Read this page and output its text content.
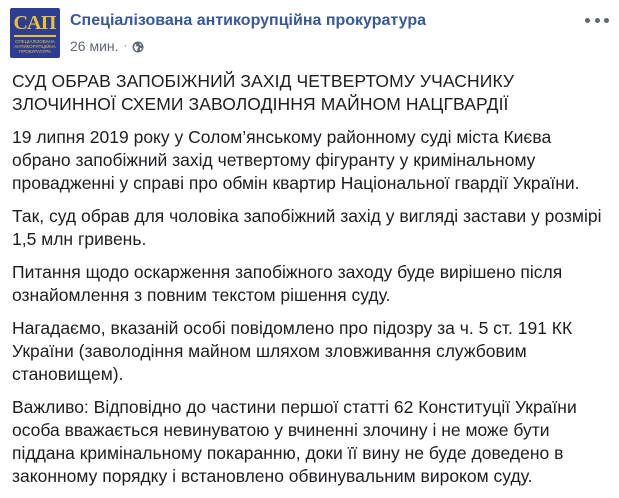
САП
СПЕЦІАЛІЗОВАНА АНТИКОРУПЦІЙНА ПРОКУРАТУРА
Спеціалізована антикорупційна прокуратура
26 мин. ·
СУД ОБРАВ ЗАПОБІЖНИЙ ЗАХІД ЧЕТВЕРТОМУ УЧАСНИКУ ЗЛОЧИННОЇ СХЕМИ ЗАВОЛОДІННЯ МАЙНОМ НАЦГВАРДІЇ
19 липня 2019 року у Солом’янському районному суді міста Києва обрано запобіжний захід четвертому фігуранту у кримінальному провадженні у справі про обмін квартир Національної гвардії України.
Так, суд обрав для чоловіка запобіжний захід у вигляді застави у розмірі 1,5 млн гривень.
Питання щодо оскарження запобіжного заходу буде вирішено після ознайомлення з повним текстом рішення суду.
Нагадаємо, вказаній особі повідомлено про підозру за ч. 5 ст. 191 КК України (заволодіння майном шляхом зловживання службовим становищем).
Важливо: Відповідно до частини першої статті 62 Конституції України особа вважається невинуватою у вчиненні злочину і не може бути піддана кримінальному покаранню, доки її вину не буде доведено в законному порядку і встановлено обвинувальним вироком суду.
